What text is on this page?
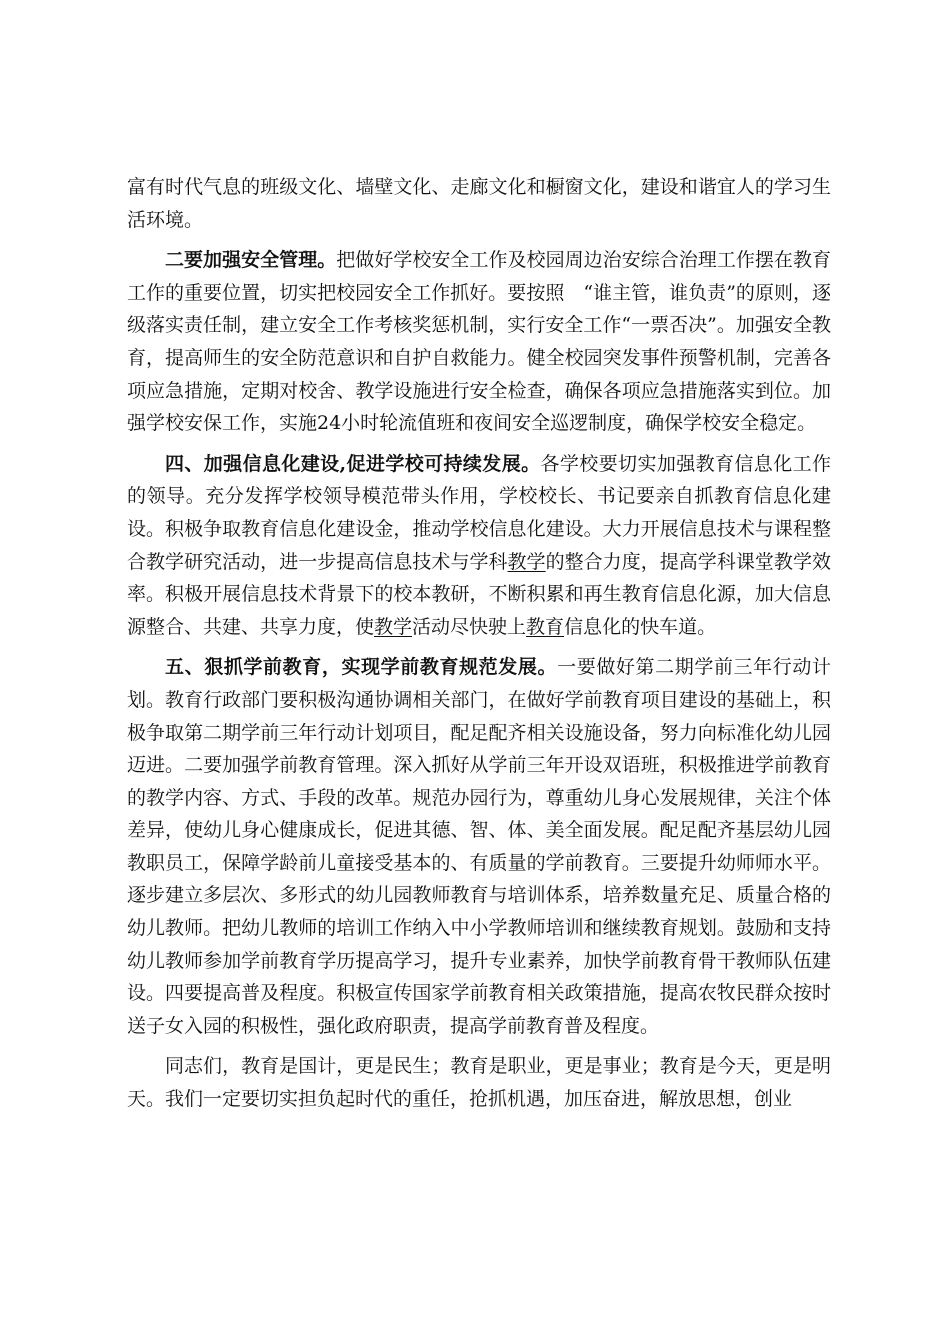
富有时代气息的班级文化、墙壁文化、走廊文化和橱窗文化，建设和谐宜人的学习生活环境。

二要加强安全管理。把做好学校安全工作及校园周边治安综合治理工作摆在教育工作的重要位置，切实把校园安全工作抓好。要按照　“谁主管，谁负责”的原则，逐级落实责任制，建立安全工作考核奖惩机制，实行安全工作“一票否决”。加强安全教育，提高师生的安全防范意识和自护自救能力。健全校园突发事件预警机制，完善各项应急措施，定期对校舍、教学设施进行安全检查，确保各项应急措施落实到位。加强学校安保工作，实施24小时轮流值班和夜间安全巡逻制度，确保学校安全稳定。

四、加强信息化建设,促进学校可持续发展。各学校要切实加强教育信息化工作的领导。充分发挥学校领导模范带头作用，学校校长、书记要亲自抓教育信息化建设。积极争取教育信息化建设金，推动学校信息化建设。大力开展信息技术与课程整合教学研究活动，进一步提高信息技术与学科教学的整合力度，提高学科课堂教学效率。积极开展信息技术背景下的校本教研，不断积累和再生教育信息化源，加大信息源整合、共建、共享力度，使教学活动尽快驶上教育信息化的快车道。

五、狠抓学前教育，实现学前教育规范发展。一要做好第二期学前三年行动计划。教育行政部门要积极沟通协调相关部门，在做好学前教育项目建设的基础上，积极争取第二期学前三年行动计划项目，配足配齐相关设施设备，努力向标准化幼儿园迈进。二要加强学前教育管理。深入抓好从学前三年开设双语班，积极推进学前教育的教学内容、方式、手段的改革。规范办园行为，尊重幼儿身心发展规律，关注个体差异，使幼儿身心健康成长，促进其德、智、体、美全面发展。配足配齐基层幼儿园教职员工，保障学龄前儿童接受基本的、有质量的学前教育。三要提升幼师师水平。逐步建立多层次、多形式的幼儿园教师教育与培训体系，培养数量充足、质量合格的幼儿教师。把幼儿教师的培训工作纳入中小学教师培训和继续教育规划。鼓励和支持幼儿教师参加学前教育学历提高学习，提升专业素养，加快学前教育骨干教师队伍建设。四要提高普及程度。积极宣传国家学前教育相关政策措施，提高农牧民群众按时送子女入园的积极性，强化政府职责，提高学前教育普及程度。

同志们，教育是国计，更是民生；教育是职业，更是事业；教育是今天，更是明天。我们一定要切实担负起时代的重任，抢抓机遇，加压奋进，解放思想，创业
